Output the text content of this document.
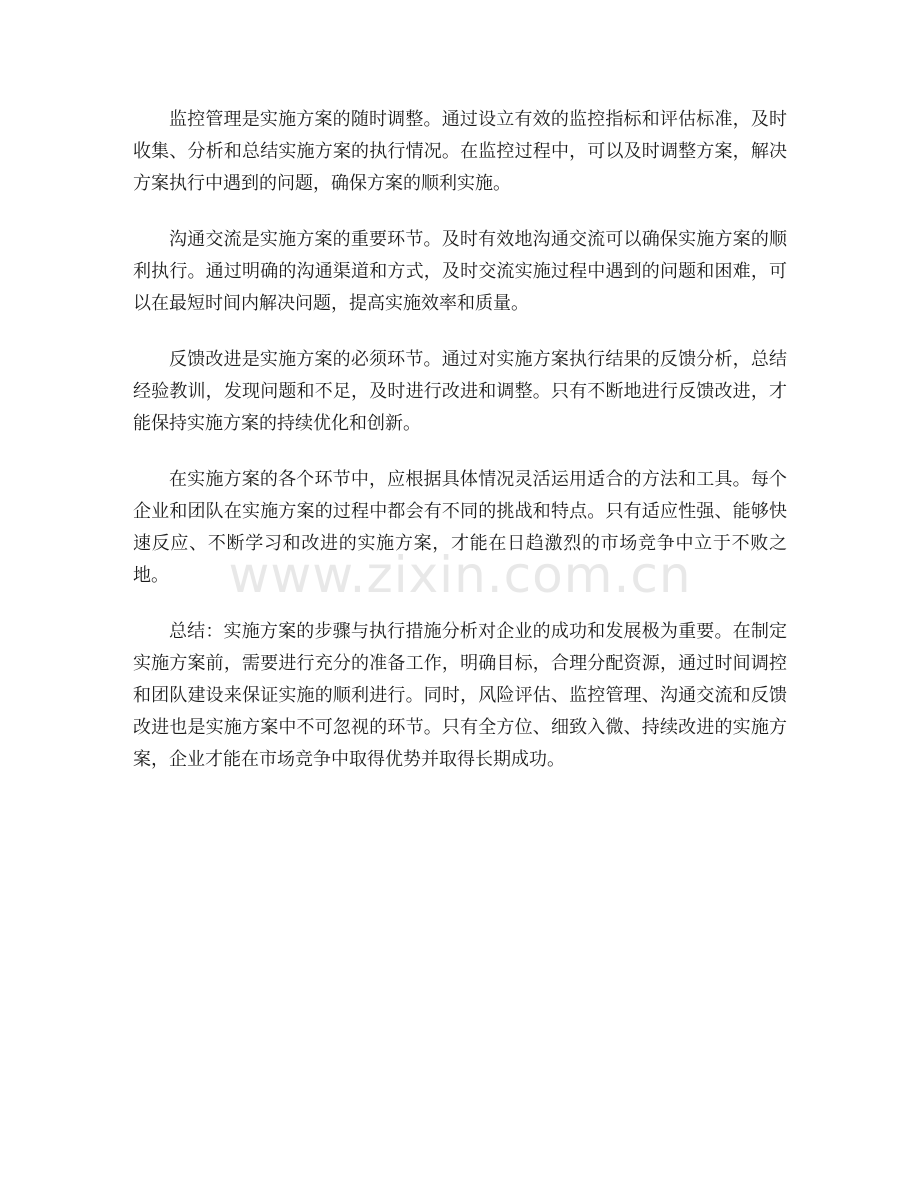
监控管理是实施方案的随时调整。通过设立有效的监控指标和评估标准，及时收集、分析和总结实施方案的执行情况。在监控过程中，可以及时调整方案，解决方案执行中遇到的问题，确保方案的顺利实施。

沟通交流是实施方案的重要环节。及时有效地沟通交流可以确保实施方案的顺利执行。通过明确的沟通渠道和方式，及时交流实施过程中遇到的问题和困难，可以在最短时间内解决问题，提高实施效率和质量。

反馈改进是实施方案的必须环节。通过对实施方案执行结果的反馈分析，总结经验教训，发现问题和不足，及时进行改进和调整。只有不断地进行反馈改进，才能保持实施方案的持续优化和创新。

在实施方案的各个环节中，应根据具体情况灵活运用适合的方法和工具。每个企业和团队在实施方案的过程中都会有不同的挑战和特点。只有适应性强、能够快速反应、不断学习和改进的实施方案，才能在日趋激烈的市场竞争中立于不败之地。

总结：实施方案的步骤与执行措施分析对企业的成功和发展极为重要。在制定实施方案前，需要进行充分的准备工作，明确目标，合理分配资源，通过时间调控和团队建设来保证实施的顺利进行。同时，风险评估、监控管理、沟通交流和反馈改进也是实施方案中不可忽视的环节。只有全方位、细致入微、持续改进的实施方案，企业才能在市场竞争中取得优势并取得长期成功。

www.zixin.com.cn
